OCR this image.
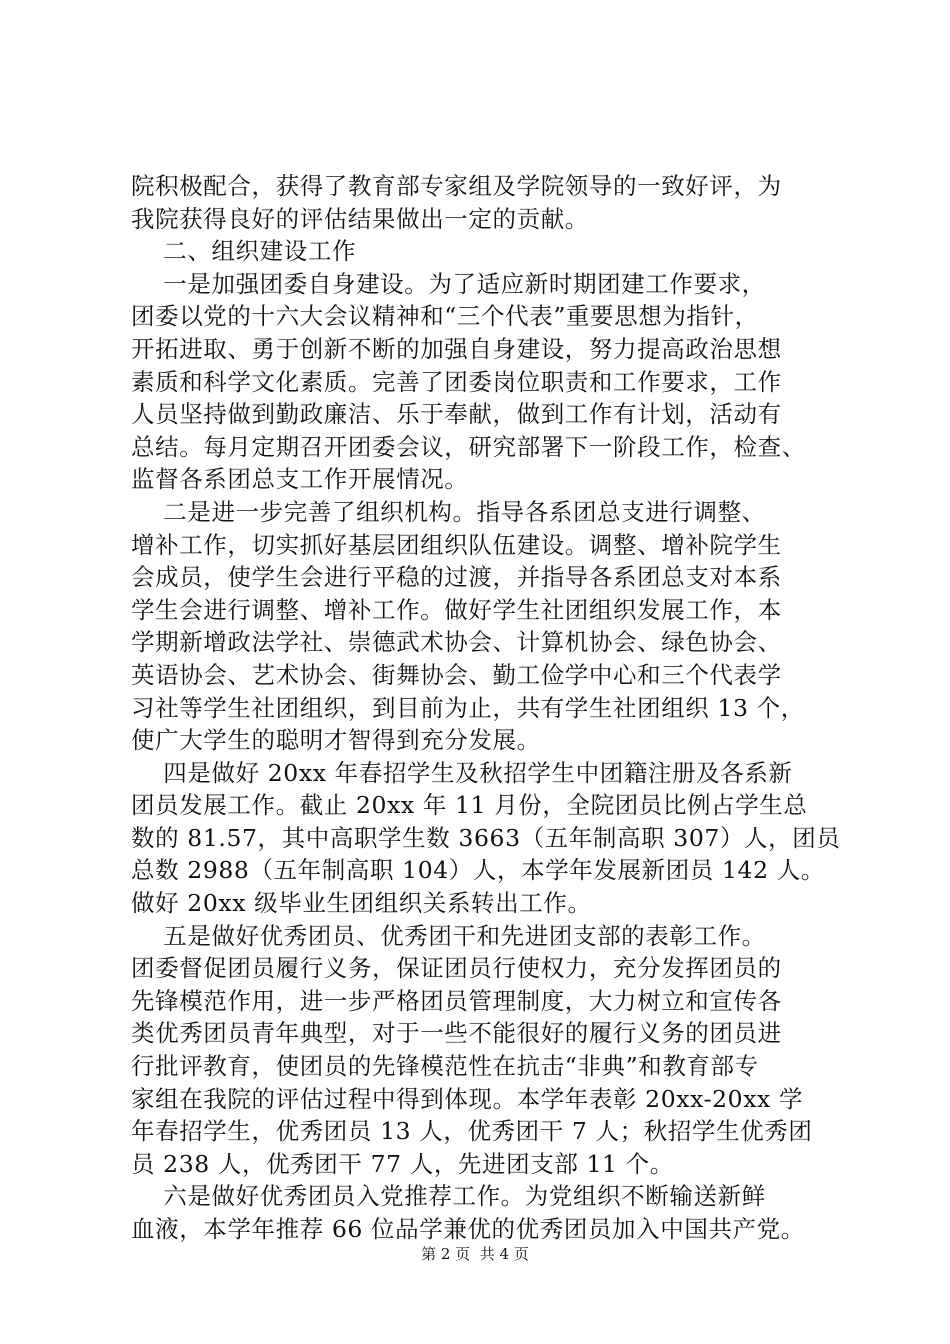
院积极配合，获得了教育部专家组及学院领导的一致好评，为
我院获得良好的评估结果做出一定的贡献。
二、组织建设工作
一是加强团委自身建设。为了适应新时期团建工作要求，
团委以党的十六大会议精神和“三个代表”重要思想为指针，
开拓进取、勇于创新不断的加强自身建设，努力提高政治思想
素质和科学文化素质。完善了团委岗位职责和工作要求，工作
人员坚持做到勤政廉洁、乐于奉献，做到工作有计划，活动有
总结。每月定期召开团委会议，研究部署下一阶段工作，检查、
监督各系团总支工作开展情况。
二是进一步完善了组织机构。指导各系团总支进行调整、
增补工作，切实抓好基层团组织队伍建设。调整、增补院学生
会成员，使学生会进行平稳的过渡，并指导各系团总支对本系
学生会进行调整、增补工作。做好学生社团组织发展工作，本
学期新增政法学社、崇德武术协会、计算机协会、绿色协会、
英语协会、艺术协会、街舞协会、勤工俭学中心和三个代表学
习社等学生社团组织，到目前为止，共有学生社团组织 13 个，
使广大学生的聪明才智得到充分发展。
四是做好 20xx 年春招学生及秋招学生中团籍注册及各系新
团员发展工作。截止 20xx 年 11 月份，全院团员比例占学生总
数的 81.57，其中高职学生数 3663（五年制高职 307）人，团员
总数 2988（五年制高职 104）人，本学年发展新团员 142 人。
做好 20xx 级毕业生团组织关系转出工作。
五是做好优秀团员、优秀团干和先进团支部的表彰工作。
团委督促团员履行义务，保证团员行使权力，充分发挥团员的
先锋模范作用，进一步严格团员管理制度，大力树立和宣传各
类优秀团员青年典型，对于一些不能很好的履行义务的团员进
行批评教育，使团员的先锋模范性在抗击“非典”和教育部专
家组在我院的评估过程中得到体现。本学年表彰 20xx-20xx 学
年春招学生，优秀团员 13 人，优秀团干 7 人；秋招学生优秀团
员 238 人，优秀团干 77 人，先进团支部 11 个。
六是做好优秀团员入党推荐工作。为党组织不断输送新鲜
血液，本学年推荐 66 位品学兼优的优秀团员加入中国共产党。
第 2 页  共 4 页
